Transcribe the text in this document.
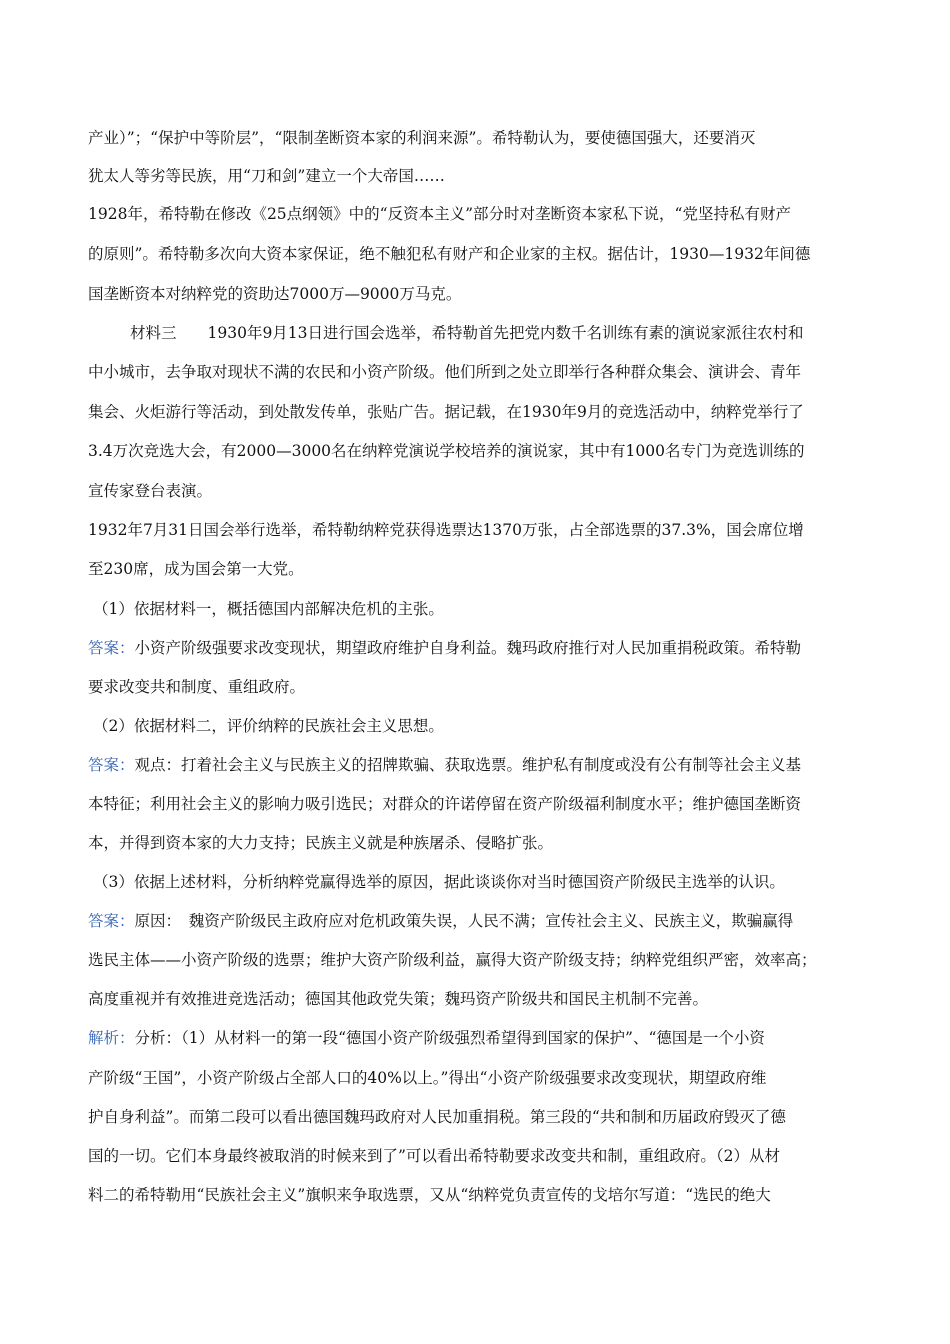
产业）”；“保护中等阶层”，“限制垄断资本家的利润来源”。希特勒认为，要使德国强大，还要消灭
犹太人等劣等民族，用“刀和剑”建立一个大帝国……
1928年，希特勒在修改《25点纲领》中的“反资本主义”部分时对垄断资本家私下说，“党坚持私有财产
的原则”。希特勒多次向大资本家保证，绝不触犯私有财产和企业家的主权。据估计，1930—1932年间德
国垄断资本对纳粹党的资助达7000万—9000万马克。
材料三　　1930年9月13日进行国会选举，希特勒首先把党内数千名训练有素的演说家派往农村和
中小城市，去争取对现状不满的农民和小资产阶级。他们所到之处立即举行各种群众集会、演讲会、青年
集会、火炬游行等活动，到处散发传单，张贴广告。据记载，在1930年9月的竞选活动中，纳粹党举行了
3.4万次竞选大会，有2000—3000名在纳粹党演说学校培养的演说家，其中有1000名专门为竞选训练的
宣传家登台表演。
1932年7月31日国会举行选举，希特勒纳粹党获得选票达1370万张，占全部选票的37.3%，国会席位增
至230席，成为国会第一大党。
（1）依据材料一，概括德国内部解决危机的主张。
答案：小资产阶级强要求改变现状，期望政府维护自身利益。魏玛政府推行对人民加重捐税政策。希特勒
要求改变共和制度、重组政府。
（2）依据材料二，评价纳粹的民族社会主义思想。
答案：观点：打着社会主义与民族主义的招牌欺骗、获取选票。维护私有制度或没有公有制等社会主义基
本特征；利用社会主义的影响力吸引选民；对群众的许诺停留在资产阶级福利制度水平；维护德国垄断资
本，并得到资本家的大力支持；民族主义就是种族屠杀、侵略扩张。
（3）依据上述材料，分析纳粹党赢得选举的原因，据此谈谈你对当时德国资产阶级民主选举的认识。
答案：原因：　魏资产阶级民主政府应对危机政策失误，人民不满；宣传社会主义、民族主义，欺骗赢得
选民主体——小资产阶级的选票；维护大资产阶级利益，赢得大资产阶级支持；纳粹党组织严密，效率高；
高度重视并有效推进竞选活动；德国其他政党失策；魏玛资产阶级共和国民主机制不完善。
解析：分析：（1）从材料一的第一段“德国小资产阶级强烈希望得到国家的保护”、“德国是一个小资
产阶级“王国”，小资产阶级占全部人口的40%以上。”得出“小资产阶级强要求改变现状，期望政府维
护自身利益”。而第二段可以看出德国魏玛政府对人民加重捐税。第三段的“共和制和历届政府毁灭了德
国的一切。它们本身最终被取消的时候来到了”可以看出希特勒要求改变共和制，重组政府。（2）从材
料二的希特勒用“民族社会主义”旗帜来争取选票，又从“纳粹党负责宣传的戈培尔写道：“选民的绝大
